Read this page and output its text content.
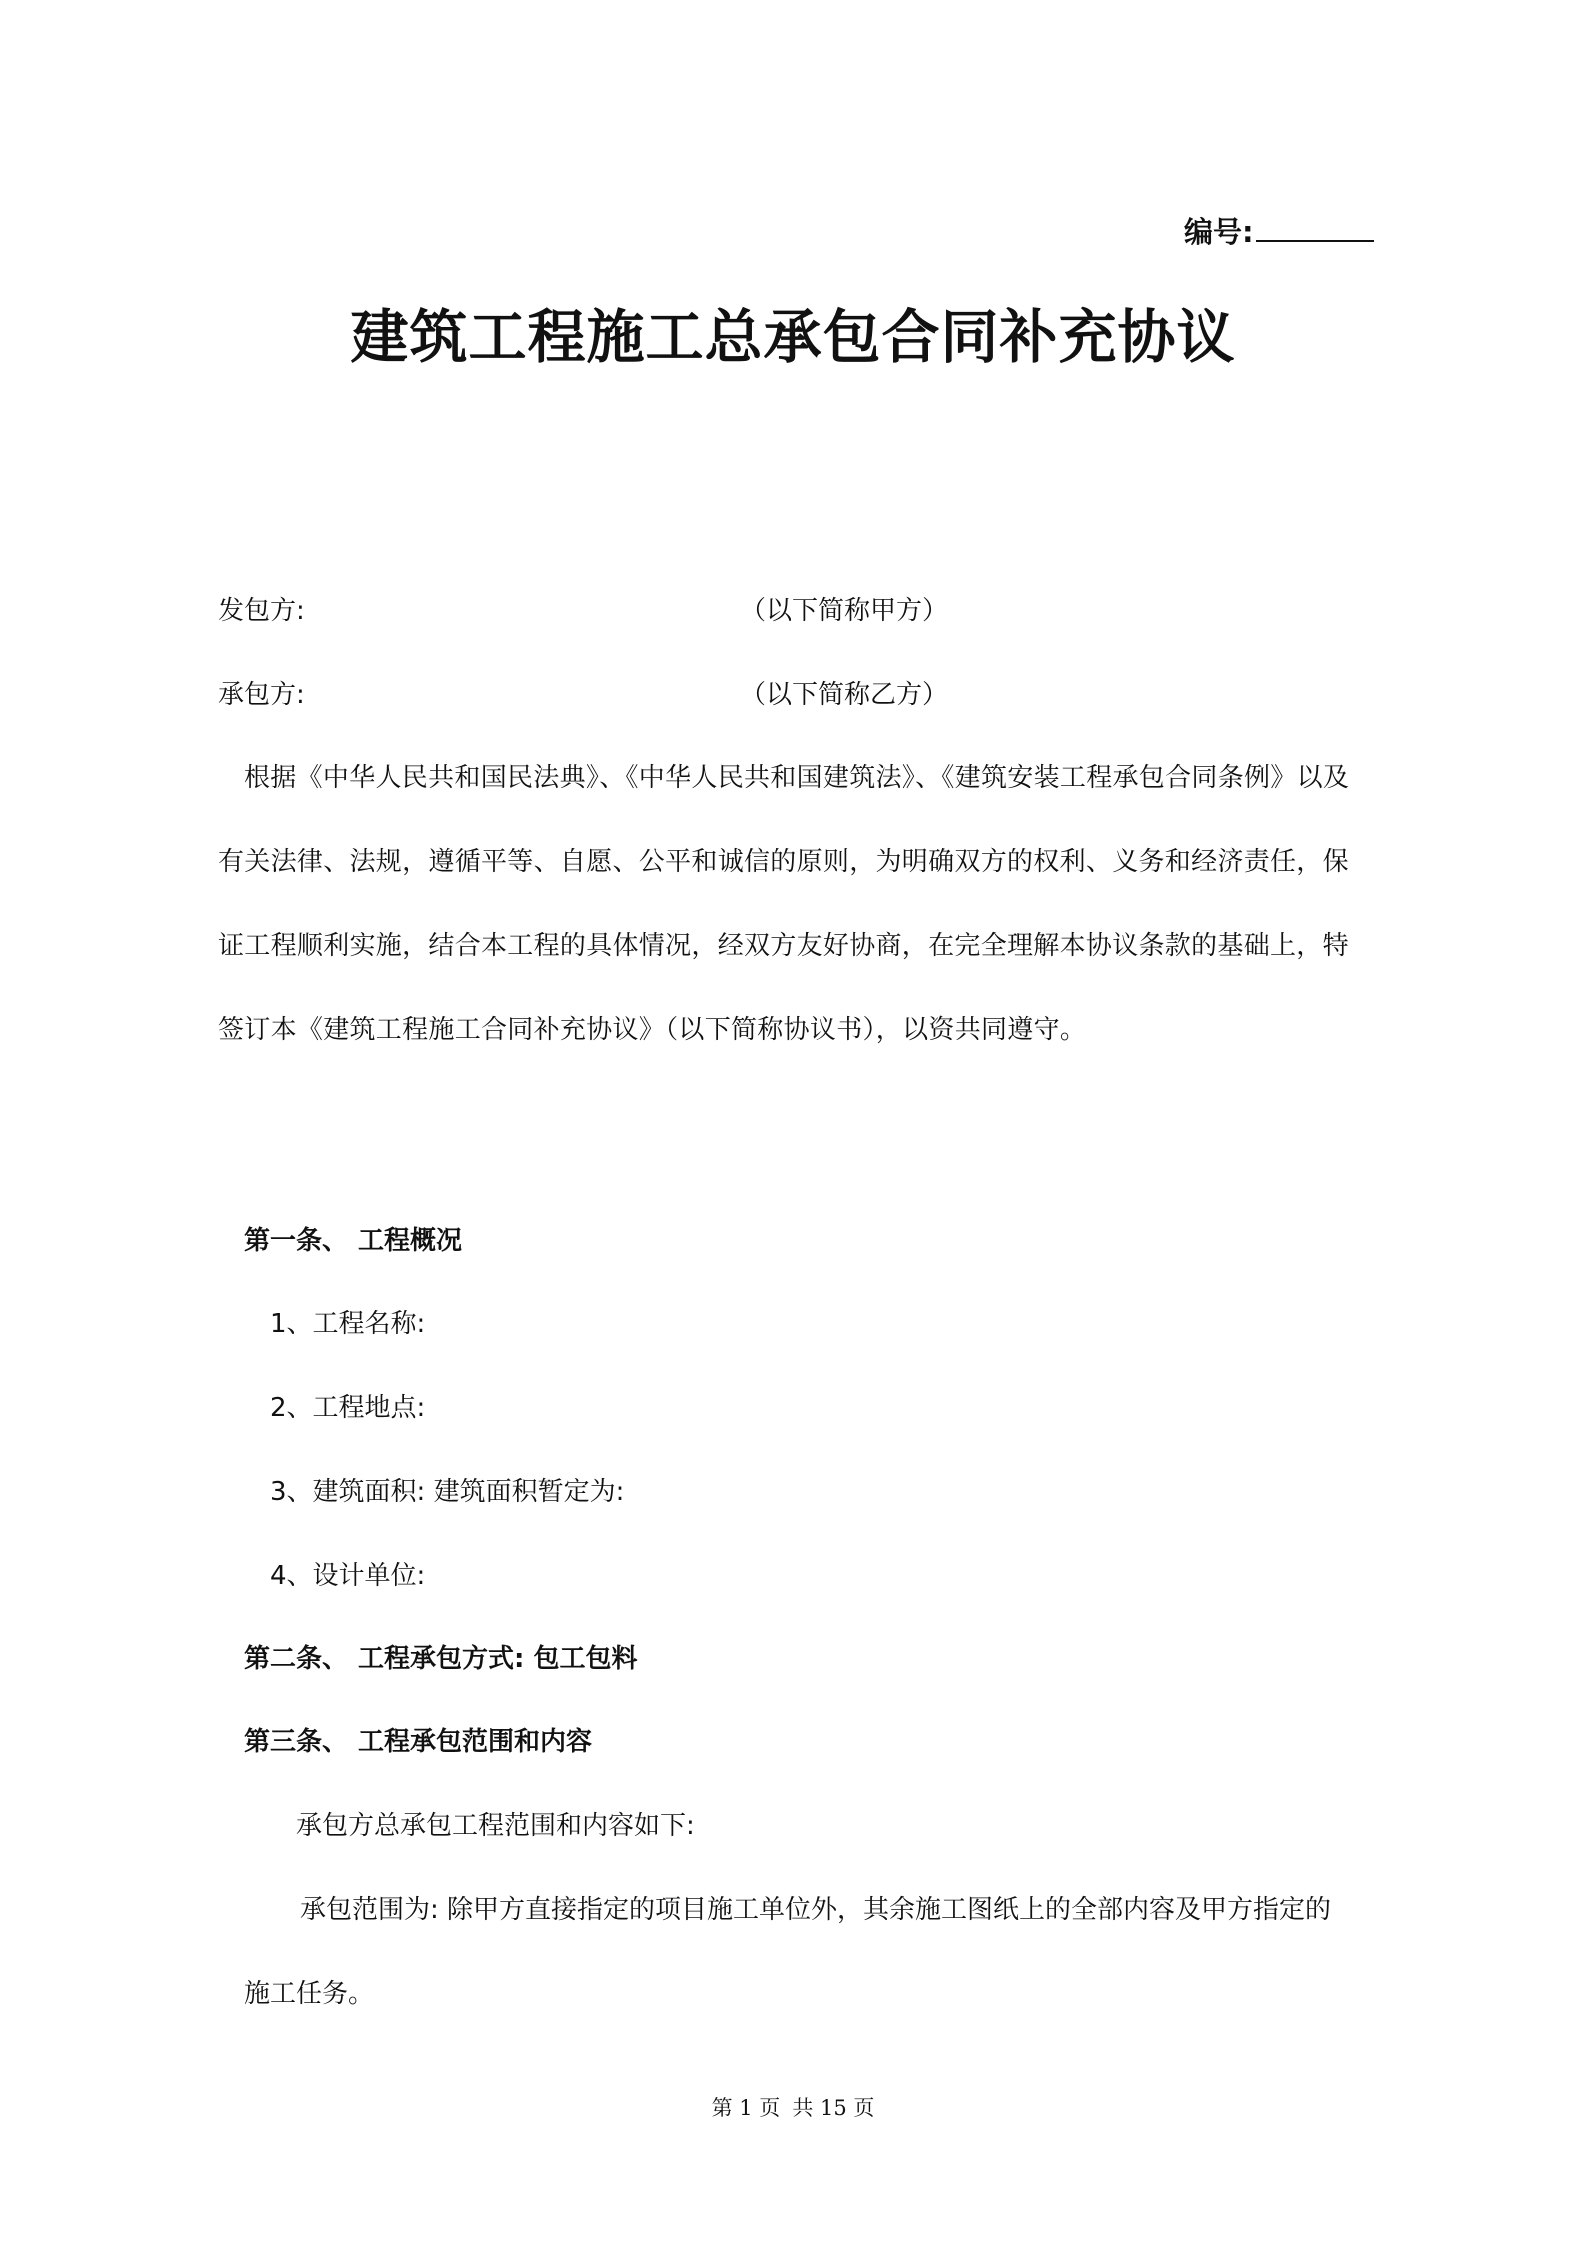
编号:
建筑工程施工总承包合同补充协议
发包方:	（以下简称甲方）
承包方:	（以下简称乙方）
根据《中华人民共和国民法典》、《中华人民共和国建筑法》、《建筑安装工程承包合同条例》以及
有关法律、法规，遵循平等、自愿、公平和诚信的原则，为明确双方的权利、义务和经济责任，保
证工程顺利实施，结合本工程的具体情况，经双方友好协商，在完全理解本协议条款的基础上，特
签订本《建筑工程施工合同补充协议》（以下简称协议书），以资共同遵守。
第一条、 工程概况
1、工程名称:
2、工程地点:
3、建筑面积: 建筑面积暂定为:
4、设计单位:
第二条、 工程承包方式: 包工包料
第三条、 工程承包范围和内容
承包方总承包工程范围和内容如下:
承包范围为: 除甲方直接指定的项目施工单位外，其余施工图纸上的全部内容及甲方指定的
施工任务。
第 1 页 共 15 页
